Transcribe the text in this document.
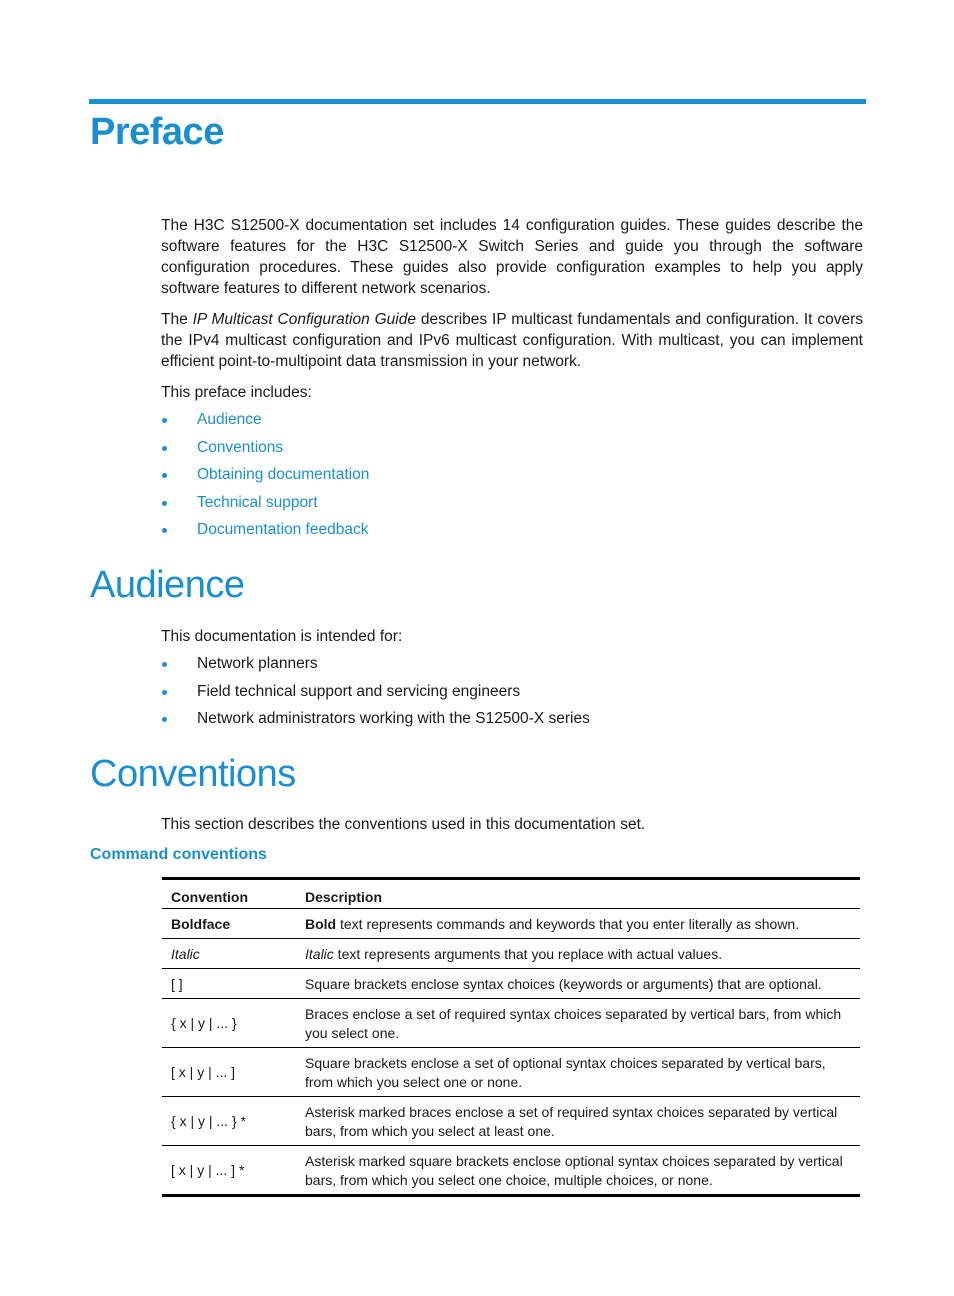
Preface

The H3C S12500-X documentation set includes 14 configuration guides. These guides describe the software features for the H3C S12500-X Switch Series and guide you through the software configuration procedures. These guides also provide configuration examples to help you apply software features to different network scenarios.

The IP Multicast Configuration Guide describes IP multicast fundamentals and configuration. It covers the IPv4 multicast configuration and IPv6 multicast configuration. With multicast, you can implement efficient point-to-multipoint data transmission in your network.

This preface includes:

Audience
Conventions
Obtaining documentation
Technical support
Documentation feedback
Audience

This documentation is intended for:

Network planners
Field technical support and servicing engineers
Network administrators working with the S12500-X series
Conventions

This section describes the conventions used in this documentation set.

Command conventions
Convention	Description
Boldface	Bold text represents commands and keywords that you enter literally as shown.
Italic	Italic text represents arguments that you replace with actual values.
[ ]	Square brackets enclose syntax choices (keywords or arguments) that are optional.
{ x | y | ... }	Braces enclose a set of required syntax choices separated by vertical bars, from which you select one.
[ x | y | ... ]	Square brackets enclose a set of optional syntax choices separated by vertical bars, from which you select one or none.
{ x | y | ... } *	Asterisk marked braces enclose a set of required syntax choices separated by vertical bars, from which you select at least one.
[ x | y | ... ] *	Asterisk marked square brackets enclose optional syntax choices separated by vertical bars, from which you select one choice, multiple choices, or none.
